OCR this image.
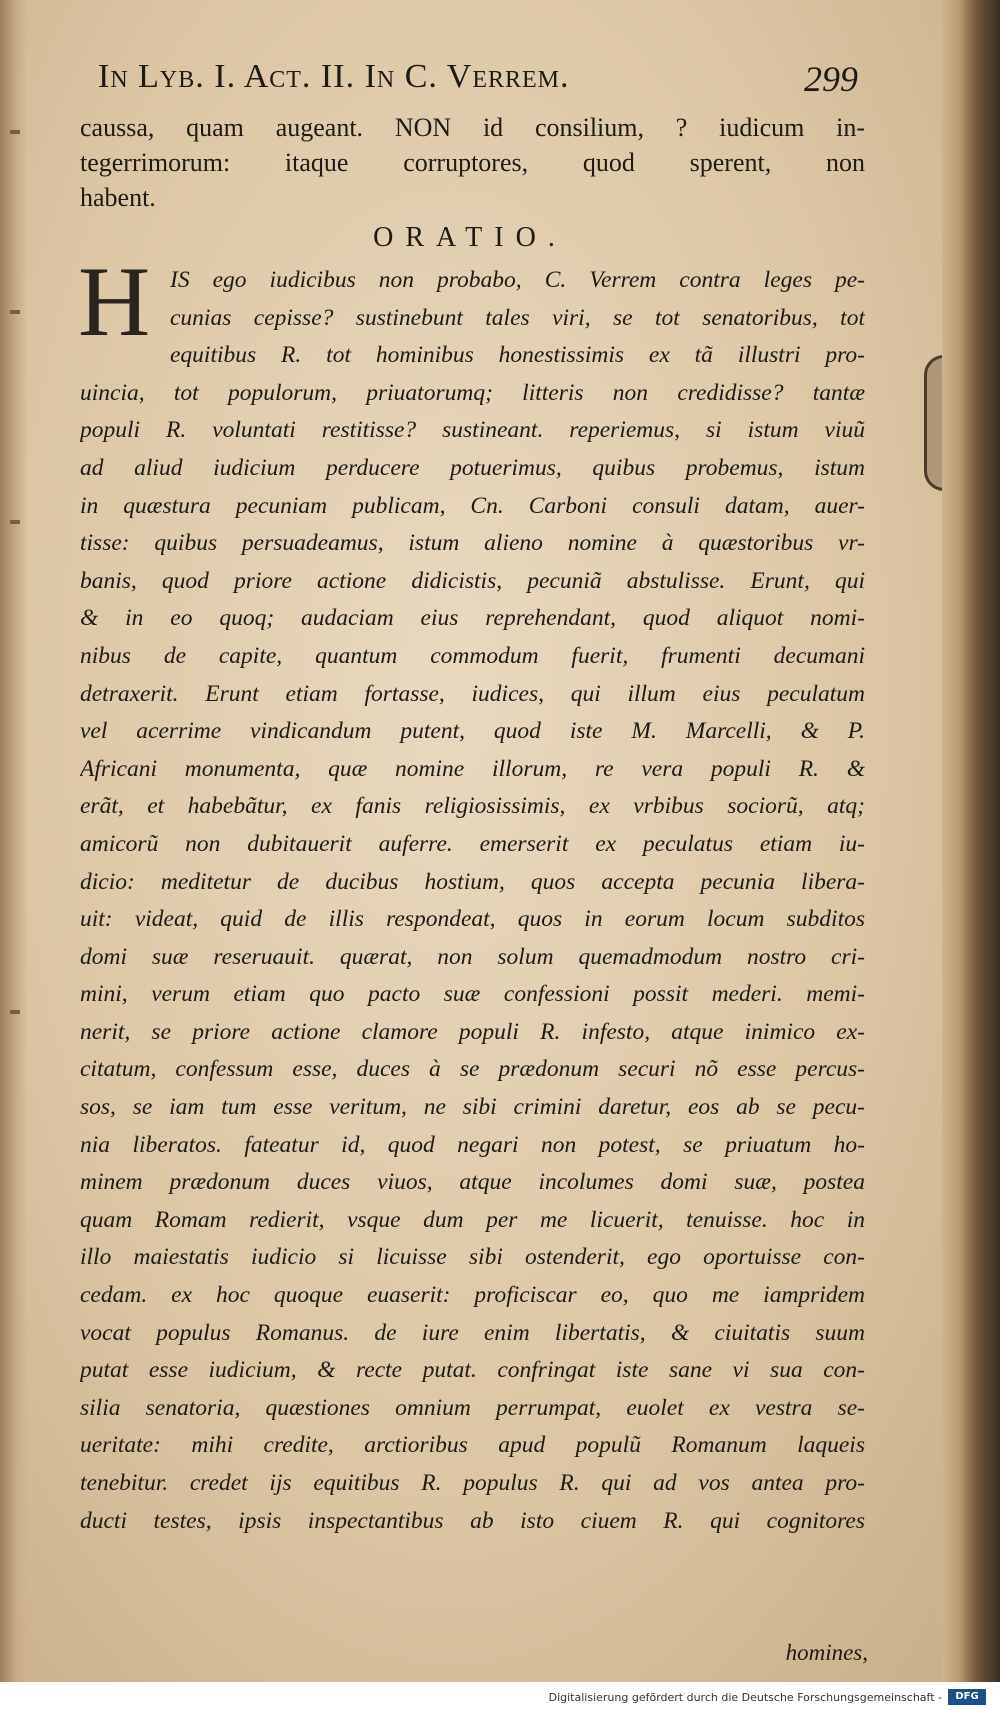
In Lyb. I. Act. II. In C. Verrem.	299
caussa, quam augeant. NON id consilium, ? iudicum in-
tegerrimorum: itaque corruptores, quod sperent, non
habent.
ORATIO.
H IS ego iudicibus non probabo, C. Verrem contra leges pe-
cunias cepisse? sustinebunt tales viri, se tot senatoribus, tot
equitibus R. tot hominibus honestissimis ex tã illustri pro-
uincia, tot populorum, priuatorumq; litteris non credidisse? tantæ
populi R. voluntati restitisse? sustineant. reperiemus, si istum viuũ
ad aliud iudicium perducere potuerimus, quibus probemus, istum
in quæstura pecuniam publicam, Cn. Carboni consuli datam, auer-
tisse: quibus persuadeamus, istum alieno nomine à quæstoribus vr-
banis, quod priore actione didicistis, pecuniã abstulisse. Erunt, qui
& in eo quoq; audaciam eius reprehendant, quod aliquot nomi-
nibus de capite, quantum commodum fuerit, frumenti decumani
detraxerit. Erunt etiam fortasse, iudices, qui illum eius peculatum
vel acerrime vindicandum putent, quod iste M. Marcelli, & P.
Africani monumenta, quæ nomine illorum, re vera populi R. &
erãt, et habebãtur, ex fanis religiosissimis, ex vrbibus sociorũ, atq;
amicorũ non dubitauerit auferre. emerserit ex peculatus etiam iu-
dicio: meditetur de ducibus hostium, quos accepta pecunia libera-
uit: videat, quid de illis respondeat, quos in eorum locum subditos
domi suæ reseruauit. quærat, non solum quemadmodum nostro cri-
mini, verum etiam quo pacto suæ confessioni possit mederi. memi-
nerit, se priore actione clamore populi R. infesto, atque inimico ex-
citatum, confessum esse, duces à se prædonum securi nõ esse percus-
sos, se iam tum esse veritum, ne sibi crimini daretur, eos ab se pecu-
nia liberatos. fateatur id, quod negari non potest, se priuatum ho-
minem prædonum duces viuos, atque incolumes domi suæ, postea
quam Romam redierit, vsque dum per me licuerit, tenuisse. hoc in
illo maiestatis iudicio si licuisse sibi ostenderit, ego oportuisse con-
cedam. ex hoc quoque euaserit: proficiscar eo, quo me iampridem
vocat populus Romanus. de iure enim libertatis, & ciuitatis suum
putat esse iudicium, & recte putat. confringat iste sane vi sua con-
silia senatoria, quæstiones omnium perrumpat, euolet ex vestra se-
ueritate: mihi credite, arctioribus apud populũ Romanum laqueis
tenebitur. credet ijs equitibus R. populus R. qui ad vos antea pro-
ducti testes, ipsis inspectantibus ab isto ciuem R. qui cognitores
homines,
Digitalisierung gefördert durch die Deutsche Forschungsgemeinschaft -	DFG
